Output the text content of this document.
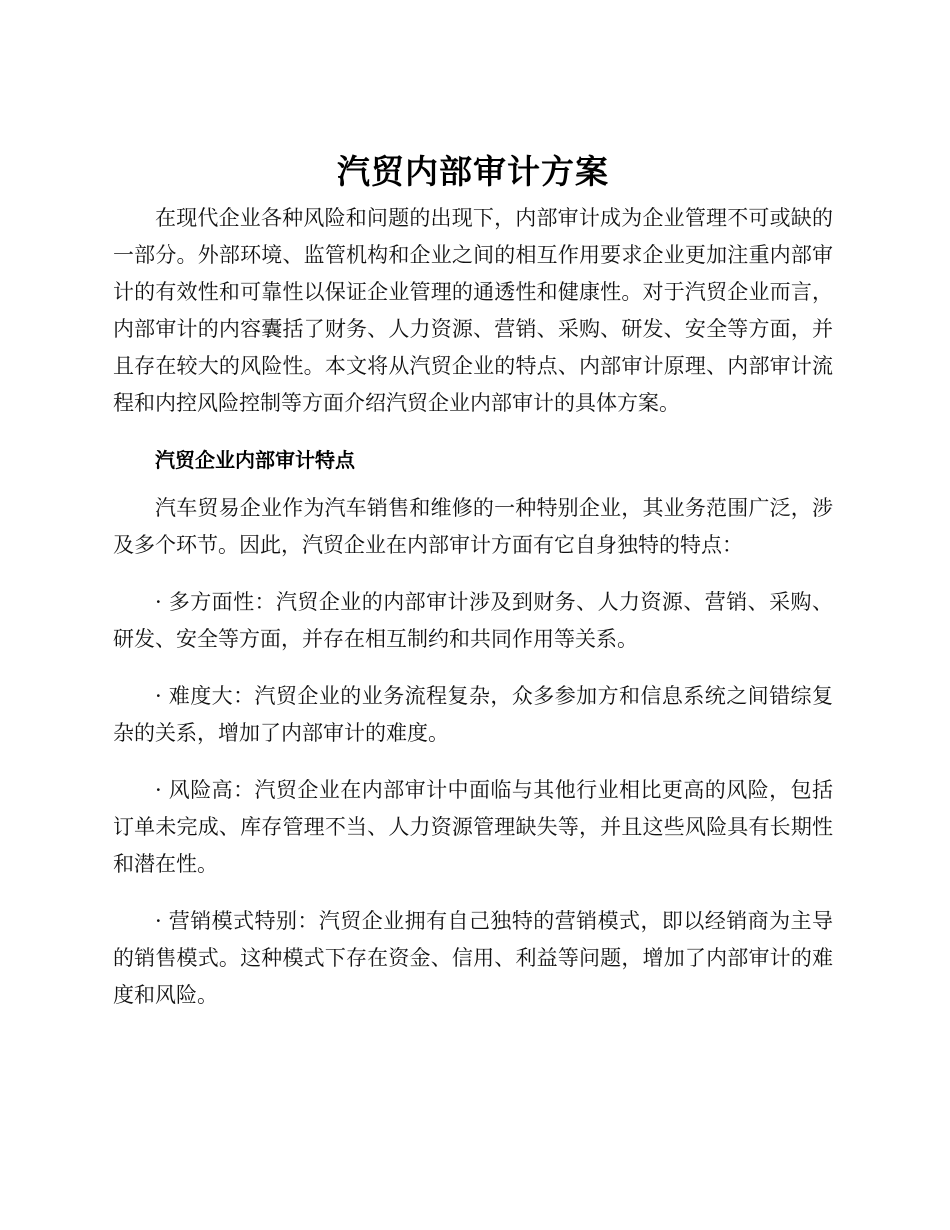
汽贸内部审计方案

在现代企业各种风险和问题的出现下，内部审计成为企业管理不可或缺的一部分。外部环境、监管机构和企业之间的相互作用要求企业更加注重内部审计的有效性和可靠性以保证企业管理的通透性和健康性。对于汽贸企业而言，内部审计的内容囊括了财务、人力资源、营销、采购、研发、安全等方面，并且存在较大的风险性。本文将从汽贸企业的特点、内部审计原理、内部审计流程和内控风险控制等方面介绍汽贸企业内部审计的具体方案。

汽贸企业内部审计特点

汽车贸易企业作为汽车销售和维修的一种特别企业，其业务范围广泛，涉及多个环节。因此，汽贸企业在内部审计方面有它自身独特的特点：

· 多方面性：汽贸企业的内部审计涉及到财务、人力资源、营销、采购、研发、安全等方面，并存在相互制约和共同作用等关系。

· 难度大：汽贸企业的业务流程复杂，众多参加方和信息系统之间错综复杂的关系，增加了内部审计的难度。

· 风险高：汽贸企业在内部审计中面临与其他行业相比更高的风险，包括订单未完成、库存管理不当、人力资源管理缺失等，并且这些风险具有长期性和潜在性。

· 营销模式特别：汽贸企业拥有自己独特的营销模式，即以经销商为主导的销售模式。这种模式下存在资金、信用、利益等问题，增加了内部审计的难度和风险。
